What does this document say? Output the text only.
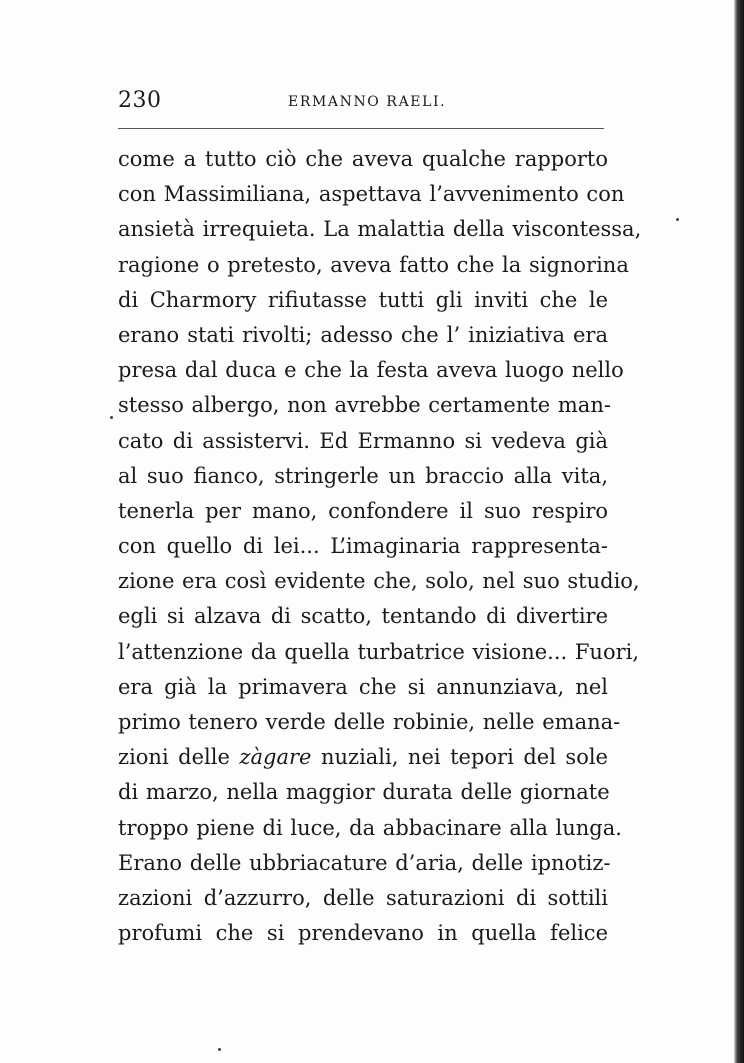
230	ERMANNO RAELI.
come a tutto ciò che aveva qualche rapporto
con Massimiliana, aspettava l’avvenimento con
ansietà irrequieta. La malattia della viscontessa,
ragione o pretesto, aveva fatto che la signorina
di Charmory rifiutasse tutti gli inviti che le
erano stati rivolti; adesso che l’ iniziativa era
presa dal duca e che la festa aveva luogo nello
stesso albergo, non avrebbe certamente man-
cato di assistervi. Ed Ermanno si vedeva già
al suo fianco, stringerle un braccio alla vita,
tenerla per mano, confondere il suo respiro
con quello di lei... L’imaginaria rappresenta-
zione era così evidente che, solo, nel suo studio,
egli si alzava di scatto, tentando di divertire
l’attenzione da quella turbatrice visione... Fuori,
era già la primavera che si annunziava, nel
primo tenero verde delle robinie, nelle emana-
zioni delle zàgare nuziali, nei tepori del sole
di marzo, nella maggior durata delle giornate
troppo piene di luce, da abbacinare alla lunga.
Erano delle ubbriacature d’aria, delle ipnotiz-
zazioni d’azzurro, delle saturazioni di sottili
profumi che si prendevano in quella felice
